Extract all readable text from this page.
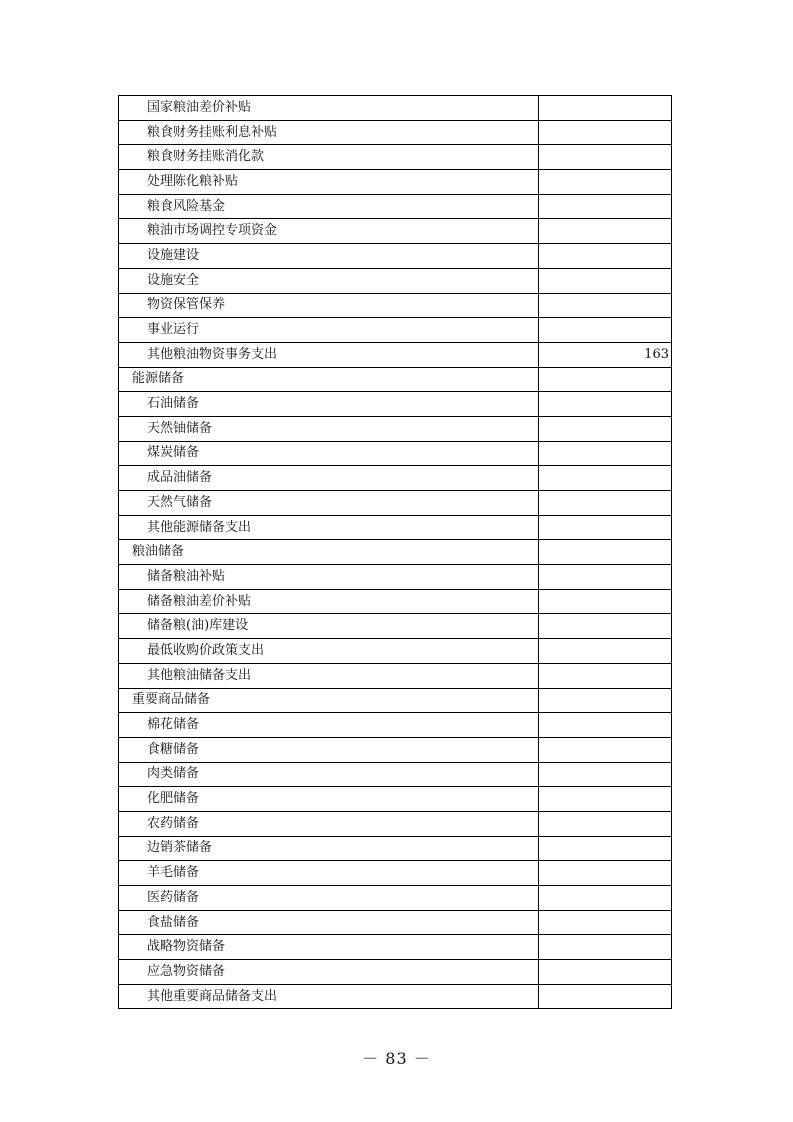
国家粮油差价补贴	
粮食财务挂账利息补贴	
粮食财务挂账消化款	
处理陈化粮补贴	
粮食风险基金	
粮油市场调控专项资金	
设施建设	
设施安全	
物资保管保养	
事业运行	
其他粮油物资事务支出	163
能源储备	
石油储备	
天然铀储备	
煤炭储备	
成品油储备	
天然气储备	
其他能源储备支出	
粮油储备	
储备粮油补贴	
储备粮油差价补贴	
储备粮(油)库建设	
最低收购价政策支出	
其他粮油储备支出	
重要商品储备	
棉花储备	
食糖储备	
肉类储备	
化肥储备	
农药储备	
边销茶储备	
羊毛储备	
医药储备	
食盐储备	
战略物资储备	
应急物资储备	
其他重要商品储备支出	
－ 83 －
